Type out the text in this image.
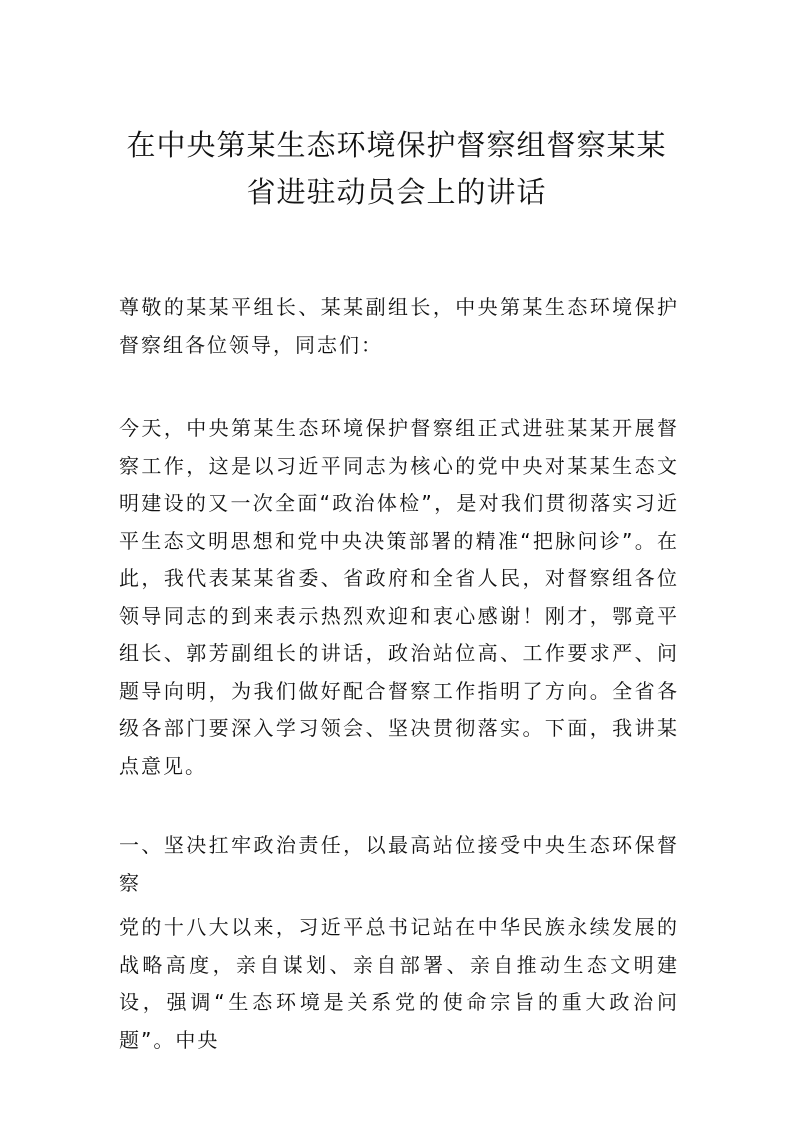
在中央第某生态环境保护督察组督察某某
省进驻动员会上的讲话
尊敬的某某平组长、某某副组长，中央第某生态环境保护督察组各位领导，同志们：
今天，中央第某生态环境保护督察组正式进驻某某开展督察工作，这是以习近平同志为核心的党中央对某某生态文明建设的又一次全面“政治体检”，是对我们贯彻落实习近平生态文明思想和党中央决策部署的精准“把脉问诊”。在此，我代表某某省委、省政府和全省人民，对督察组各位领导同志的到来表示热烈欢迎和衷心感谢！刚才，鄂竟平组长、郭芳副组长的讲话，政治站位高、工作要求严、问题导向明，为我们做好配合督察工作指明了方向。全省各级各部门要深入学习领会、坚决贯彻落实。下面，我讲某点意见。
一、坚决扛牢政治责任，以最高站位接受中央生态环保督察
党的十八大以来，习近平总书记站在中华民族永续发展的战略高度，亲自谋划、亲自部署、亲自推动生态文明建设，强调“生态环境是关系党的使命宗旨的重大政治问题”。中央
